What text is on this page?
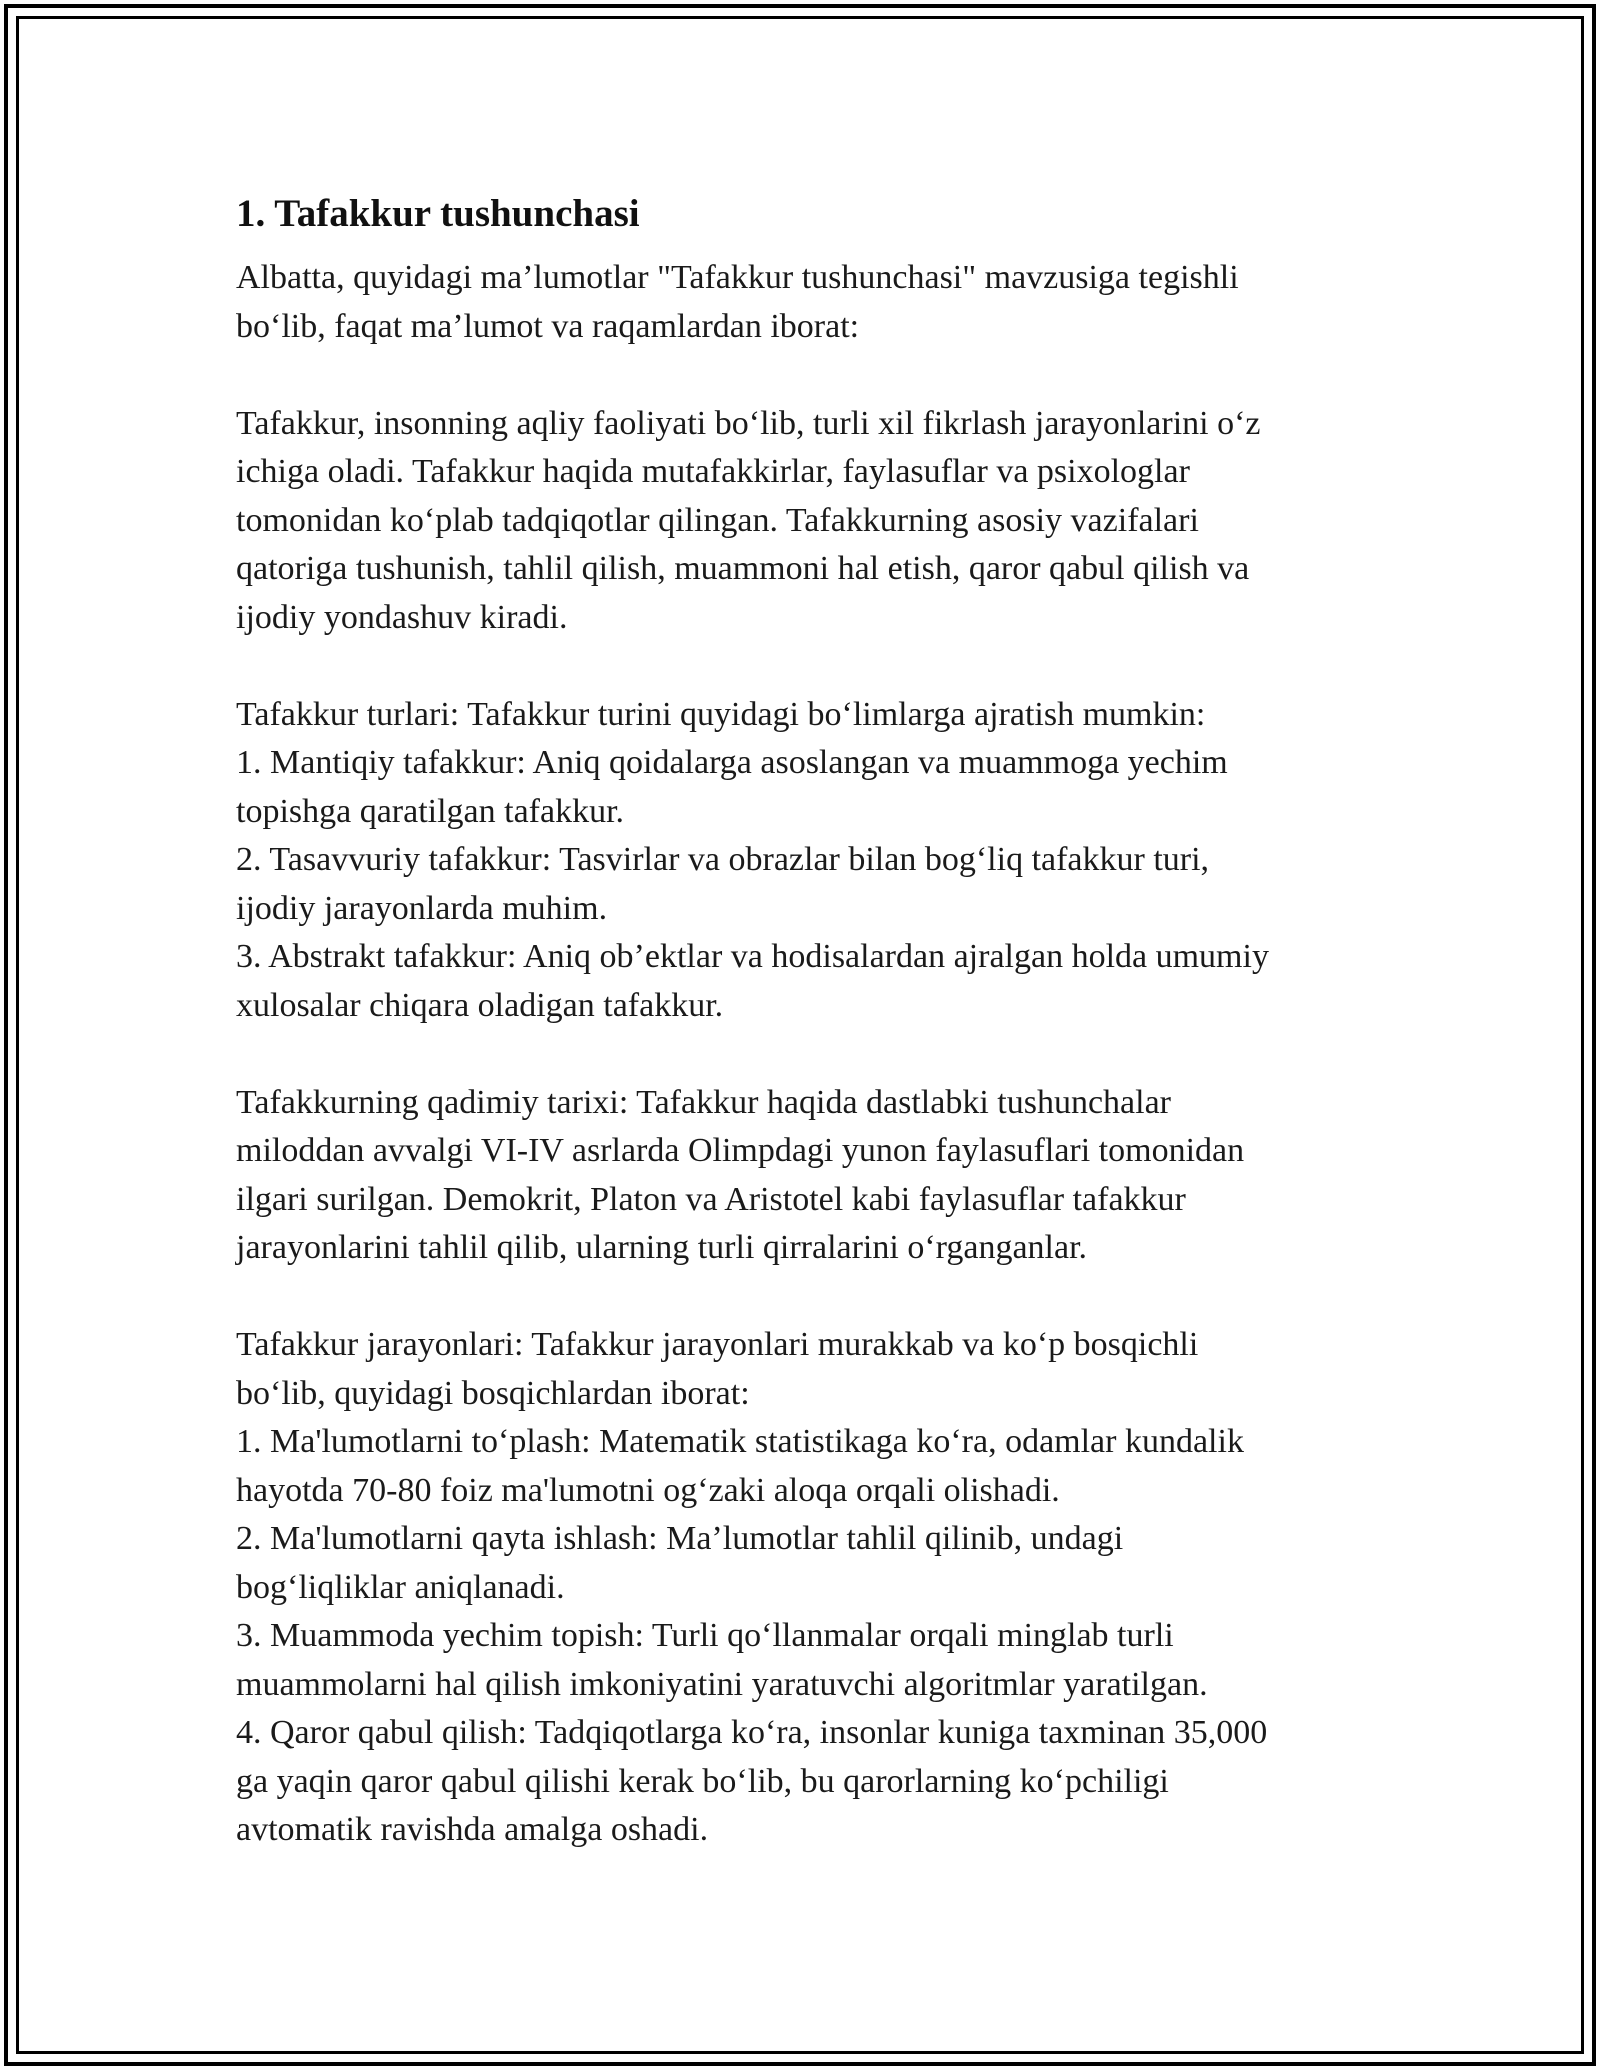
1. Tafakkur tushunchasi
Albatta, quyidagi ma’lumotlar "Tafakkur tushunchasi" mavzusiga tegishli
bo‘lib, faqat ma’lumot va raqamlardan iborat:
Tafakkur, insonning aqliy faoliyati bo‘lib, turli xil fikrlash jarayonlarini o‘z
ichiga oladi. Tafakkur haqida mutafakkirlar, faylasuflar va psixologlar
tomonidan ko‘plab tadqiqotlar qilingan. Tafakkurning asosiy vazifalari
qatoriga tushunish, tahlil qilish, muammoni hal etish, qaror qabul qilish va
ijodiy yondashuv kiradi.
Tafakkur turlari: Tafakkur turini quyidagi bo‘limlarga ajratish mumkin:
1. Mantiqiy tafakkur: Aniq qoidalarga asoslangan va muammoga yechim
topishga qaratilgan tafakkur.
2. Tasavvuriy tafakkur: Tasvirlar va obrazlar bilan bog‘liq tafakkur turi,
ijodiy jarayonlarda muhim.
3. Abstrakt tafakkur: Aniq ob’ektlar va hodisalardan ajralgan holda umumiy
xulosalar chiqara oladigan tafakkur.
Tafakkurning qadimiy tarixi: Tafakkur haqida dastlabki tushunchalar
miloddan avvalgi VI-IV asrlarda Olimpdagi yunon faylasuflari tomonidan
ilgari surilgan. Demokrit, Platon va Aristotel kabi faylasuflar tafakkur
jarayonlarini tahlil qilib, ularning turli qirralarini o‘rganganlar.
Tafakkur jarayonlari: Tafakkur jarayonlari murakkab va ko‘p bosqichli
bo‘lib, quyidagi bosqichlardan iborat:
1. Ma'lumotlarni to‘plash: Matematik statistikaga ko‘ra, odamlar kundalik
hayotda 70-80 foiz ma'lumotni og‘zaki aloqa orqali olishadi.
2. Ma'lumotlarni qayta ishlash: Ma’lumotlar tahlil qilinib, undagi
bog‘liqliklar aniqlanadi.
3. Muammoda yechim topish: Turli qo‘llanmalar orqali minglab turli
muammolarni hal qilish imkoniyatini yaratuvchi algoritmlar yaratilgan.
4. Qaror qabul qilish: Tadqiqotlarga ko‘ra, insonlar kuniga taxminan 35,000
ga yaqin qaror qabul qilishi kerak bo‘lib, bu qarorlarning ko‘pchiligi
avtomatik ravishda amalga oshadi.
